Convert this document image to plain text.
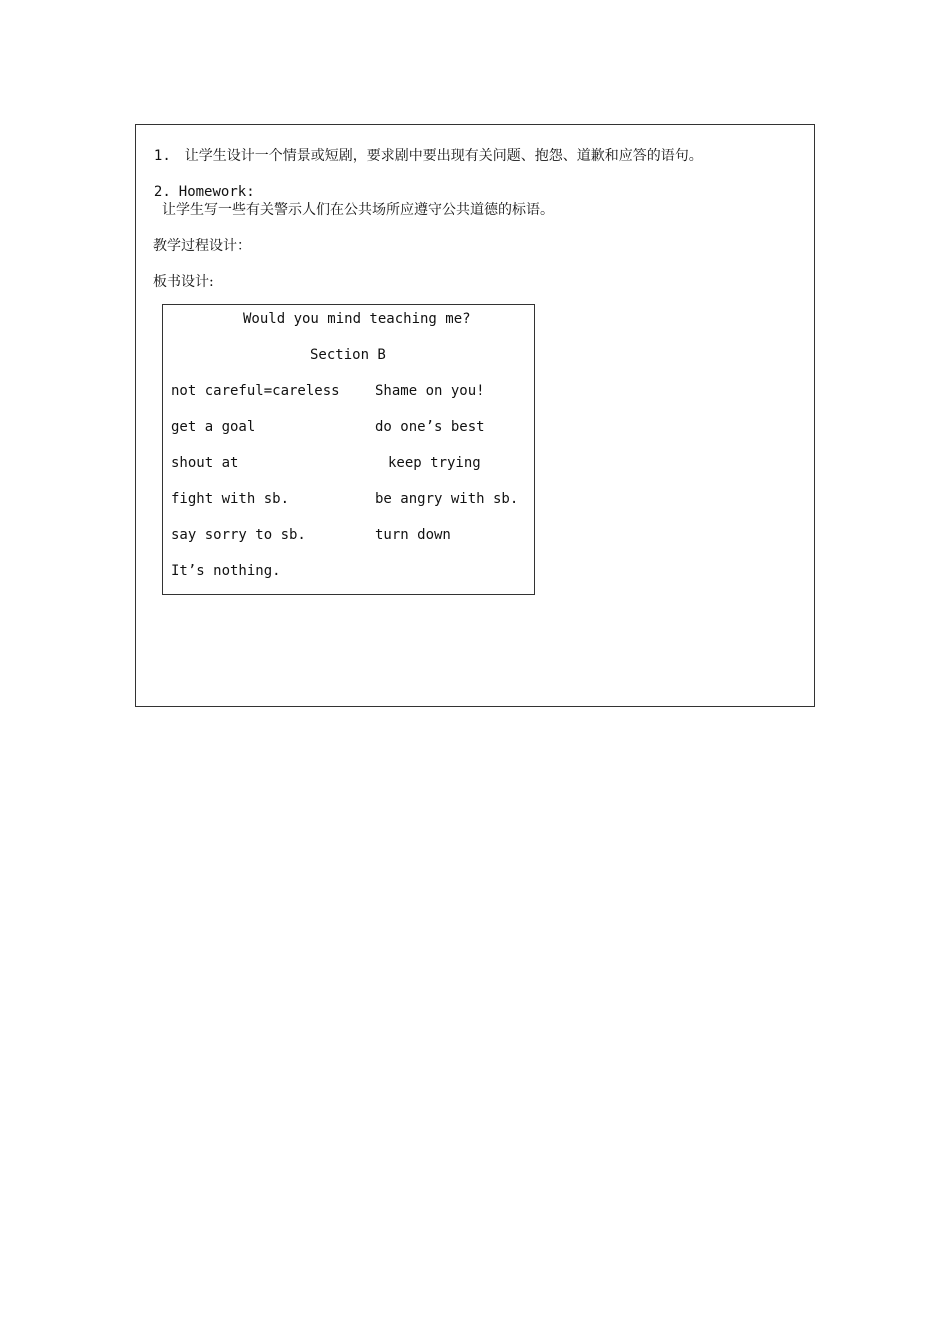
1. 让学生设计一个情景或短剧，要求剧中要出现有关问题、抱怨、道歉和应答的语句。

2. Homework:

让学生写一些有关警示人们在公共场所应遵守公共道德的标语。
教学过程设计：
板书设计:
Would you mind teaching me?
Section B
not careful=careless
get a goal
shout at
fight with sb.
say sorry to sb.
It’s nothing.
Shame on you!
do one’s best
keep trying
be angry with sb.
turn down
